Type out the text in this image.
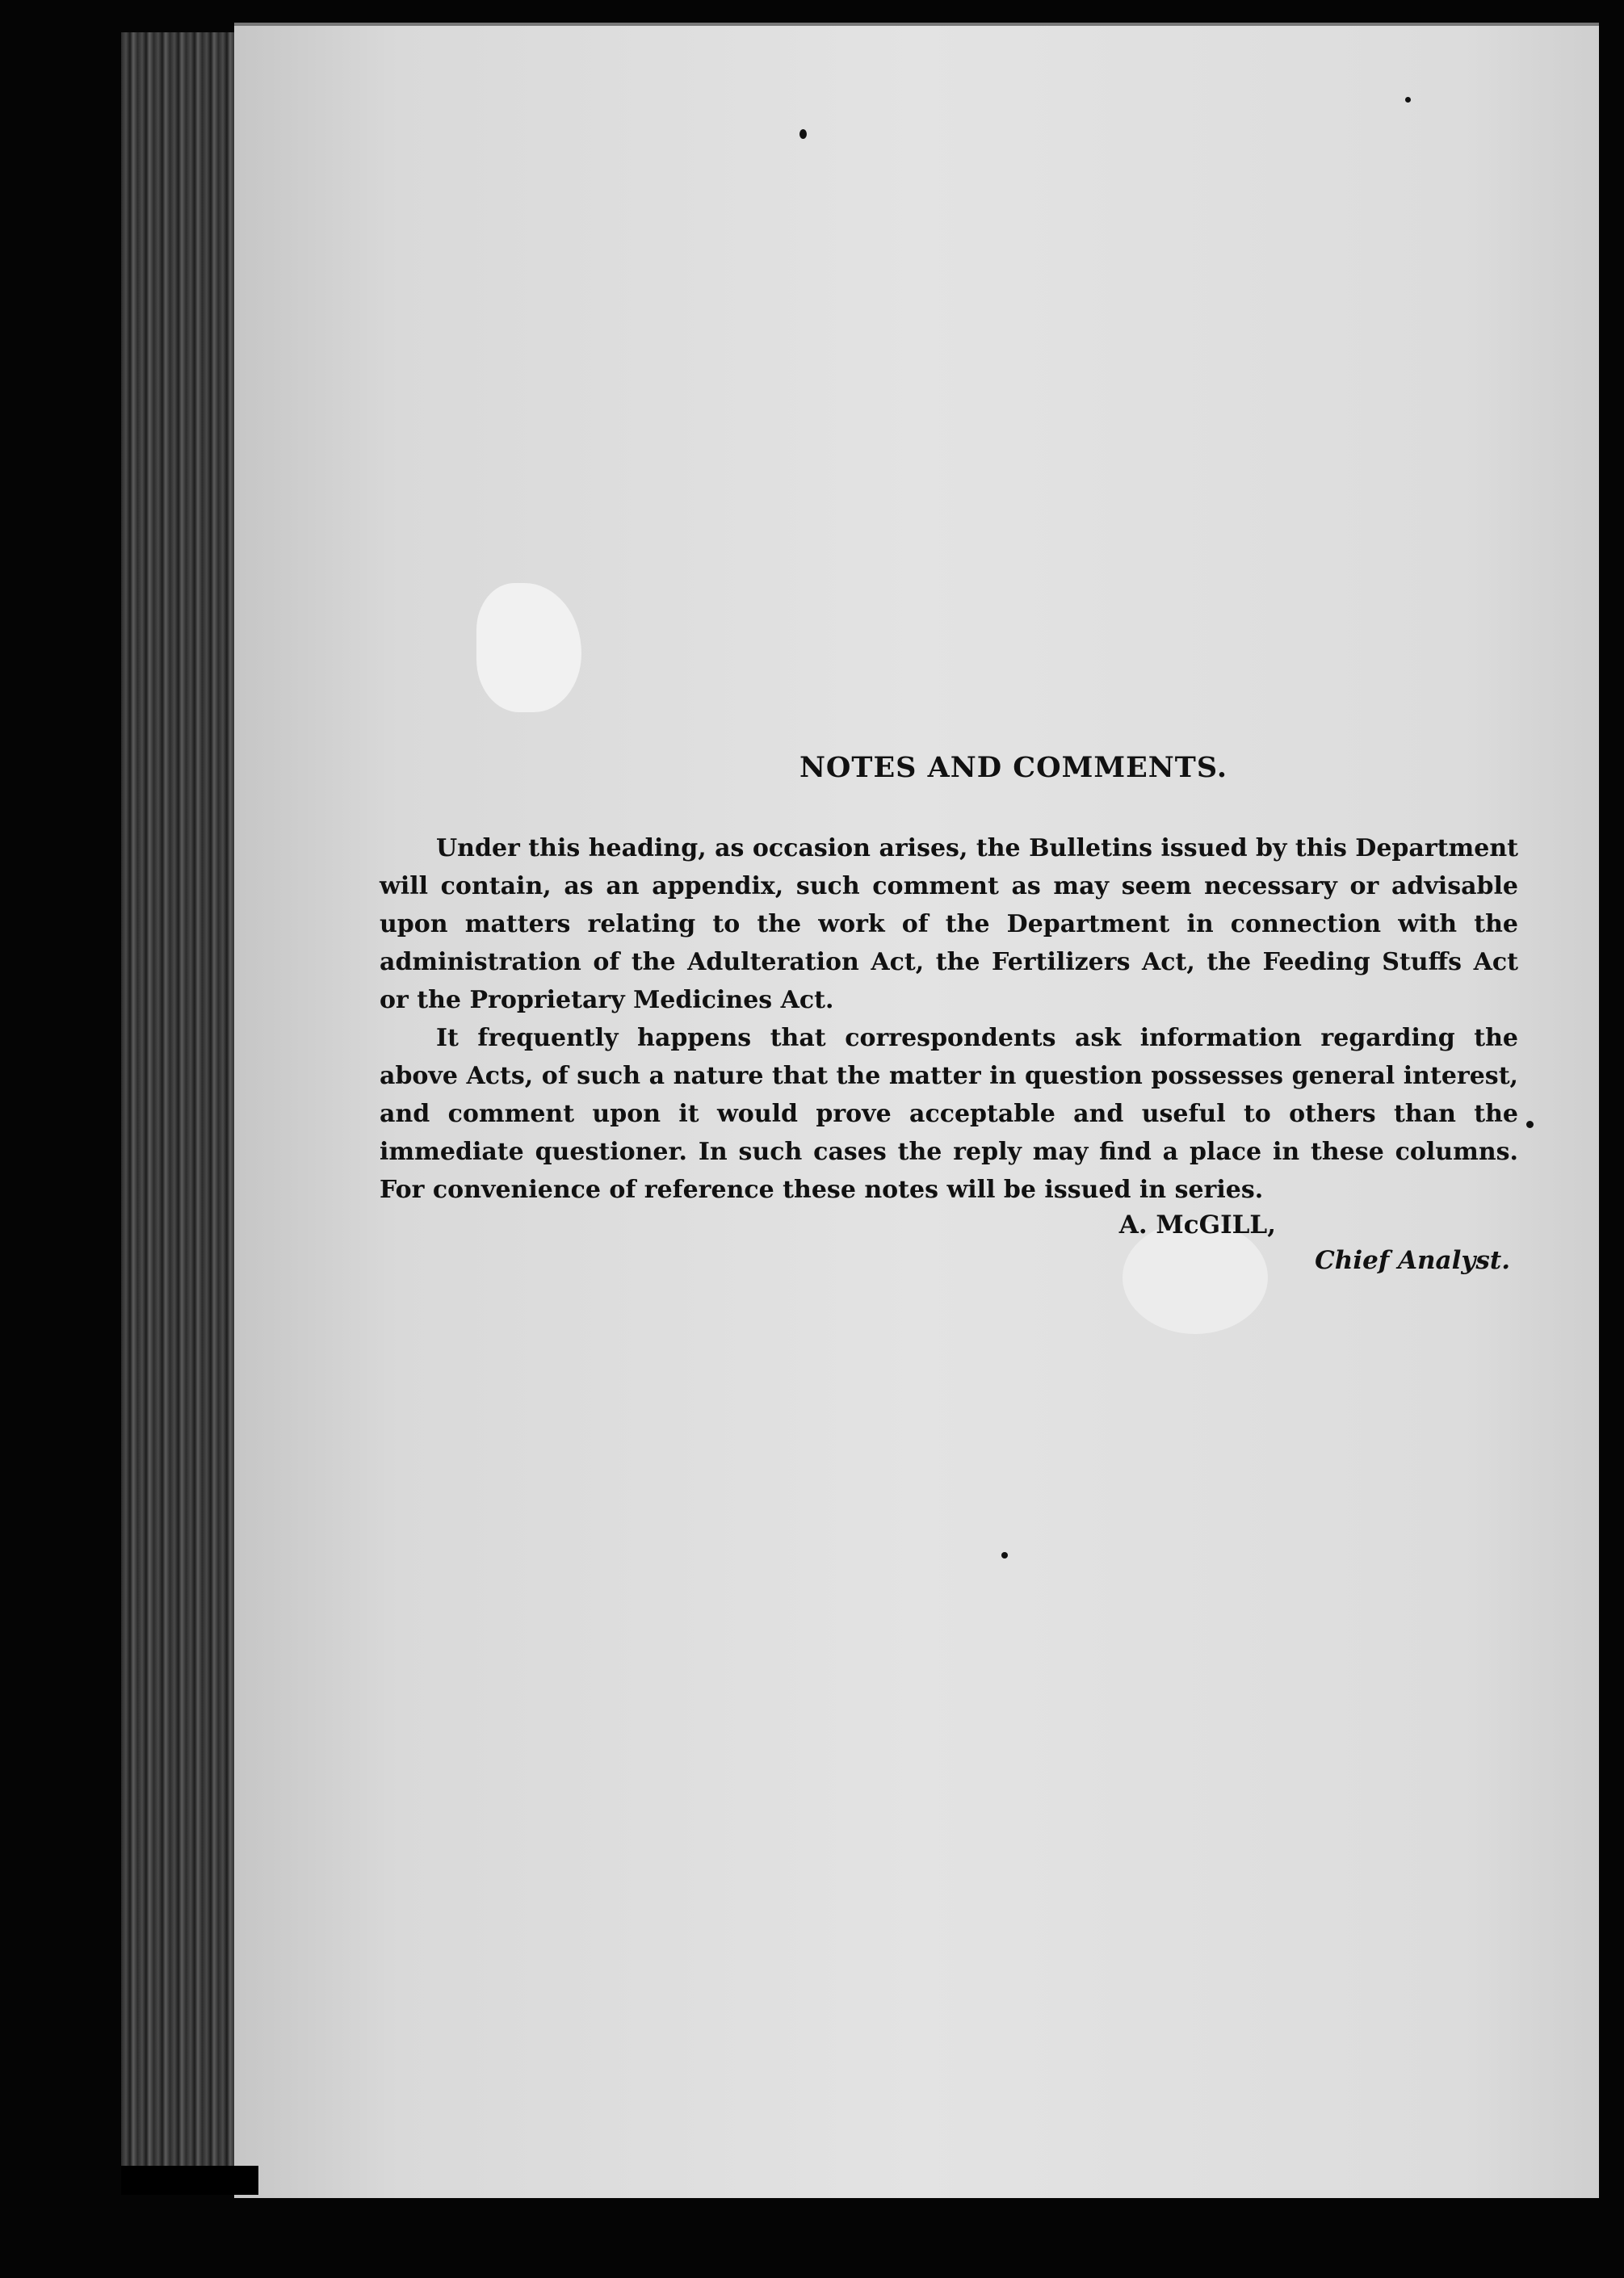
NOTES AND COMMENTS.

Under this heading, as occasion arises, the Bulletins issued by this Department will contain, as an appendix, such comment as may seem necessary or advisable upon matters relating to the work of the Department in connection with the administration of the Adulteration Act, the Fertilizers Act, the Feeding Stuffs Act or the Proprietary Medicines Act.

It frequently happens that correspondents ask information regarding the above Acts, of such a nature that the matter in question possesses general interest, and comment upon it would prove acceptable and useful to others than the immediate questioner. In such cases the reply may find a place in these columns. For convenience of reference these notes will be issued in series.

A. McGILL,

Chief Analyst.
